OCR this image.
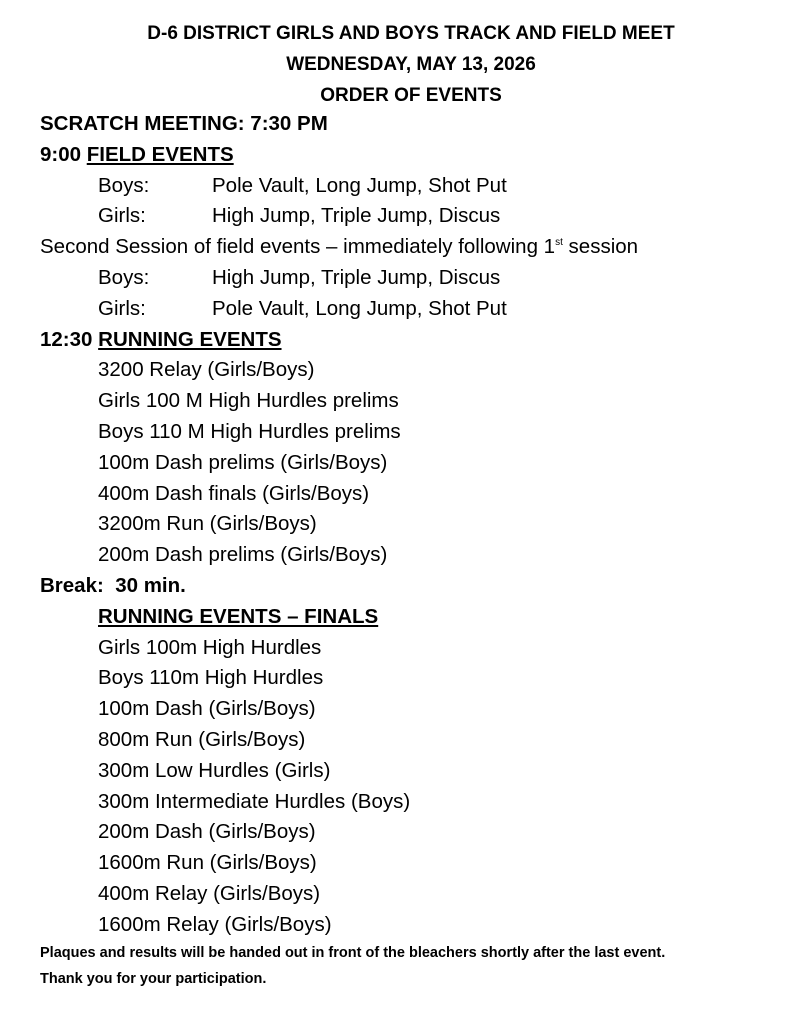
D-6 DISTRICT GIRLS AND BOYS TRACK AND FIELD MEET
WEDNESDAY, MAY 13, 2026
ORDER OF EVENTS
SCRATCH MEETING: 7:30 PM
9:00 FIELD EVENTS
Boys:	Pole Vault, Long Jump, Shot Put
Girls:	High Jump, Triple Jump, Discus
Second Session of field events – immediately following 1st session
Boys:	High Jump, Triple Jump, Discus
Girls:	Pole Vault, Long Jump, Shot Put
12:30 RUNNING EVENTS
3200 Relay (Girls/Boys)
Girls 100 M High Hurdles prelims
Boys 110 M High Hurdles prelims
100m Dash prelims (Girls/Boys)
400m Dash finals (Girls/Boys)
3200m Run (Girls/Boys)
200m Dash prelims (Girls/Boys)
Break:  30 min.
RUNNING EVENTS – FINALS
Girls 100m High Hurdles
Boys 110m High Hurdles
100m Dash (Girls/Boys)
800m Run (Girls/Boys)
300m Low Hurdles (Girls)
300m Intermediate Hurdles (Boys)
200m Dash (Girls/Boys)
1600m Run (Girls/Boys)
400m Relay (Girls/Boys)
1600m Relay (Girls/Boys)
Plaques and results will be handed out in front of the bleachers shortly after the last event.
Thank you for your participation.
